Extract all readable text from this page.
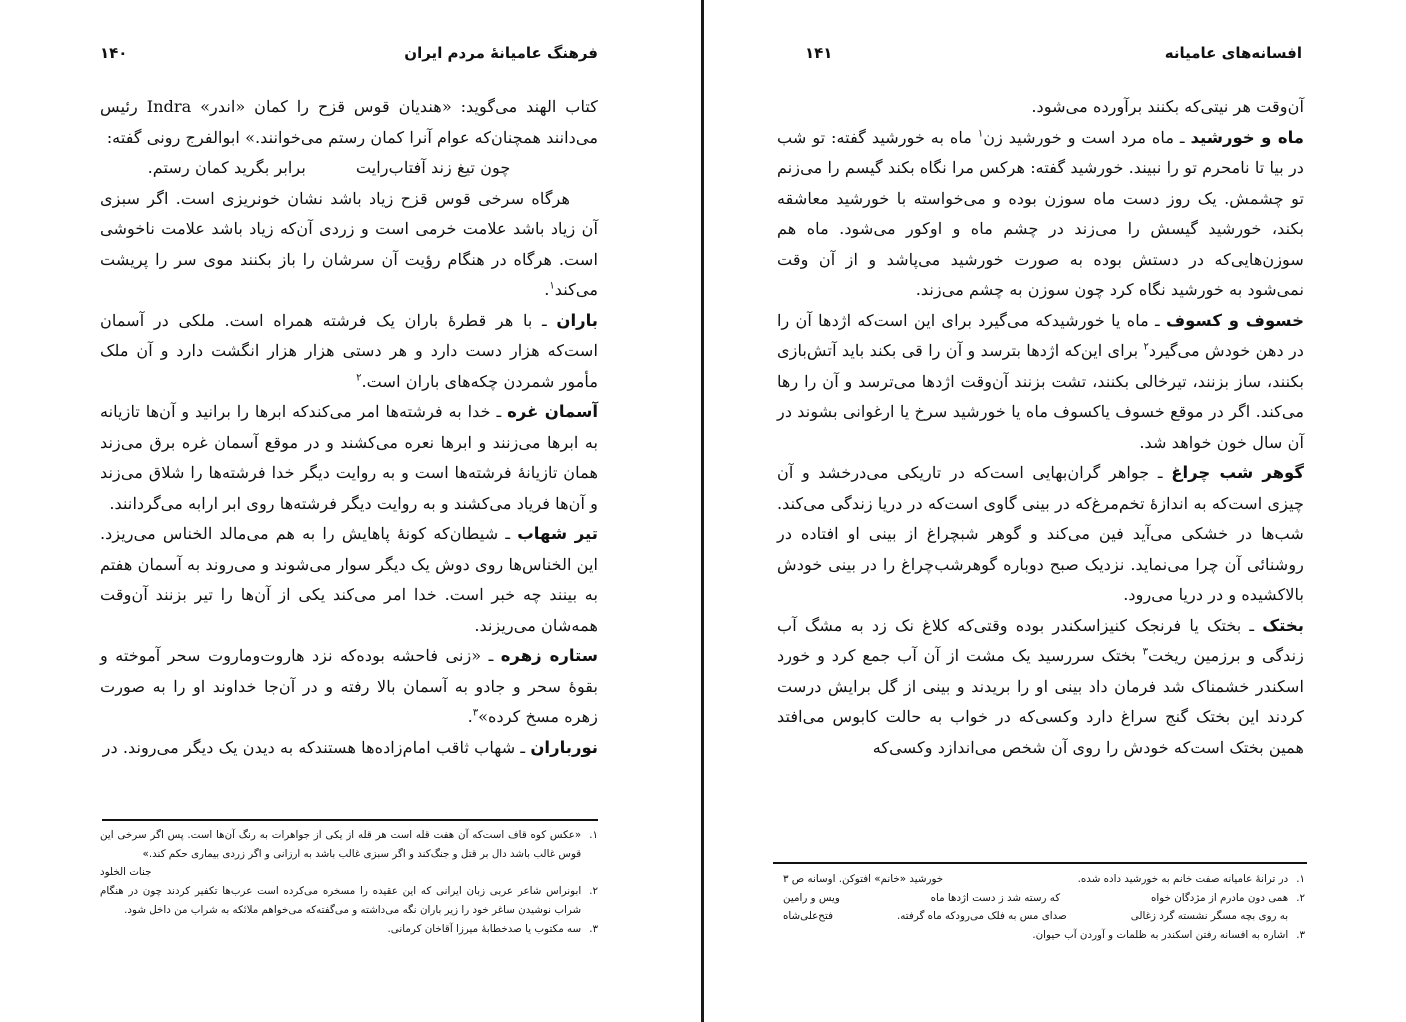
فرهنگ عامیانهٔ مردم ایران
۱۴۰
کتاب الهند می‌گوید: «هندیان قوس قزح را کمان «اندر» Indra رئیس می‌دانند همچنان‌که عوام آنرا کمان رستم می‌خوانند.» ابوالفرج رونی گفته:
چون تیغ زند آفتاب‌رایت
برابر بگرید کمان رستم.
هرگاه سرخی قوس قزح زیاد باشد نشان خونریزی است. اگر سبزی آن زیاد باشد علامت خرمی است و زردی آن‌که زیاد باشد علامت ناخوشی است. هرگاه در هنگام رؤیت آن سرشان را باز بکنند موی سر را پریشت می‌کند$^۱$.
باران ـ با هر قطرهٔ باران یک فرشته همراه است. ملکی در آسمان است‌که هزار دست دارد و هر دستی هزار هزار انگشت دارد و آن ملک مأمور شمردن چکه‌های باران است.$^۲$
آسمان غره ـ خدا به فرشته‌ها امر می‌کند‌که ابرها را برانید و آن‌ها تازیانه به ابرها می‌زنند و ابرها نعره می‌کشند و در موقع آسمان غره برق می‌زند همان تازیانهٔ فرشته‌ها است و به روایت دیگر خدا فرشته‌ها را شلاق می‌زند و آن‌ها فریاد می‌کشند و به روایت دیگر فرشته‌ها روی ابر ارابه می‌گردانند.
تیر شهاب ـ شیطان‌که کونهٔ پاهایش را به هم می‌مالد الخناس می‌ریزد. این الخناس‌ها روی دوش یک دیگر سوار می‌شوند و می‌روند به آسمان هفتم به بینند چه خبر است. خدا امر می‌کند یکی از آن‌ها را تیر بزنند آن‌وقت همه‌شان می‌ریزند.
ستاره زهره ـ «زنی فاحشه بوده‌که نزد هاروت‌وماروت سحر آموخته و بقوهٔ سحر و جادو به آسمان بالا رفته و در آن‌جا خداوند او را به صورت زهره مسخ کرده»$^۳$.
نورباران ـ شهاب ثاقب امام‌زاده‌ها هستند‌که به دیدن یک دیگر می‌روند. در
۱.
«عکس کوه قاف است‌که آن هفت قله است هر قله از یکی از جواهرات به رنگ آن‌ها است. پس اگر سرخی این قوس غالب باشد دال بر قتل و جنگ‌کند و اگر سبزی غالب باشد به ارزانی و اگر زردی بیماری حکم کند.»
جنات الخلود
۲.
ابونراس شاعر عربی زبان ایرانی که این عقیده را مسخره می‌کرده است عرب‌ها تکفیر کردند چون در هنگام شراب نوشیدن ساغر خود را زیر باران نگه می‌داشته و می‌گفته‌که می‌خواهم ملائکه به شراب من داخل شود.
۳.
سه مکتوب یا صدخطابهٔ میرزا آقاخان کرمانی.
افسانه‌های عامیانه
۱۴۱
آن‌وقت هر نیتی‌که بکنند برآورده می‌شود.
ماه و خورشید ـ ماه مرد است و خورشید زن$^۱$ ماه به خورشید گفته: تو شب در بیا تا نامحرم تو را نبیند. خورشید گفته: هرکس مرا نگاه بکند گیسم را می‌زنم تو چشمش. یک روز دست ماه سوزن بوده و می‌خواسته با خورشید معاشقه بکند، خورشید گیسش را می‌زند در چشم ماه و اوکور می‌شود. ماه هم سوزن‌هایی‌که در دستش بوده به صورت خورشید می‌پاشد و از آن وقت نمی‌شود به خورشید نگاه کرد چون سوزن به چشم می‌زند.
خسوف و کسوف ـ ماه یا خورشید‌که می‌گیرد برای این است‌که اژدها آن را در دهن خودش می‌گیرد$^۲$ برای این‌که اژدها بترسد و آن را قی بکند باید آتش‌بازی بکنند، ساز بزنند، تیرخالی بکنند، تشت بزنند آن‌وقت اژدها می‌ترسد و آن را رها می‌کند. اگر در موقع خسوف یاکسوف ماه یا خورشید سرخ یا ارغوانی بشوند در آن سال خون خواهد شد.
گوهر شب چراغ ـ جواهر گران‌بهایی است‌که در تاریکی می‌درخشد و آن چیزی است‌که به اندازهٔ تخم‌مرغ‌که در بینی گاوی است‌که در دریا زندگی می‌کند. شب‌ها در خشکی می‌آید فین می‌کند و گوهر شبچراغ از بینی او افتاده در روشنائی آن چرا می‌نماید. نزدیک صبح دوباره گوهرشب‌چراغ را در بینی خودش بالاکشیده و در دریا می‌رود.
بختک ـ بختک یا فرنجک کنیزاسکندر بوده وقتی‌که کلاغ نک زد به مشگ آب زندگی و برزمین ریخت$^۳$ بختک سررسید یک مشت از آن آب جمع کرد و خورد اسکندر خشمناک شد فرمان داد بینی او را بریدند و بینی از گل برایش درست کردند این بختک گنج سراغ دارد وکسی‌که در خواب به حالت کابوس می‌افتد همین بختک است‌که خودش را روی آن شخص می‌اندازد وکسی‌که
۱.
در ترانهٔ عامیانه صفت خانم به خورشید داده شده.
خورشید «خانم» افتوکن. اوسانه ص ۳
۲.
همی دون مادرم از مژدگان خواه
که رسته شد ز دست اژدها ماه
ویس و رامین
به روی بچه مسگر نشسته گرد زغالی
صدای مس به فلک می‌رودکه ماه گرفته.
فتح‌علی‌شاه
۳.
اشاره به افسانه رفتن اسکندر به ظلمات و آوردن آب حیوان.
